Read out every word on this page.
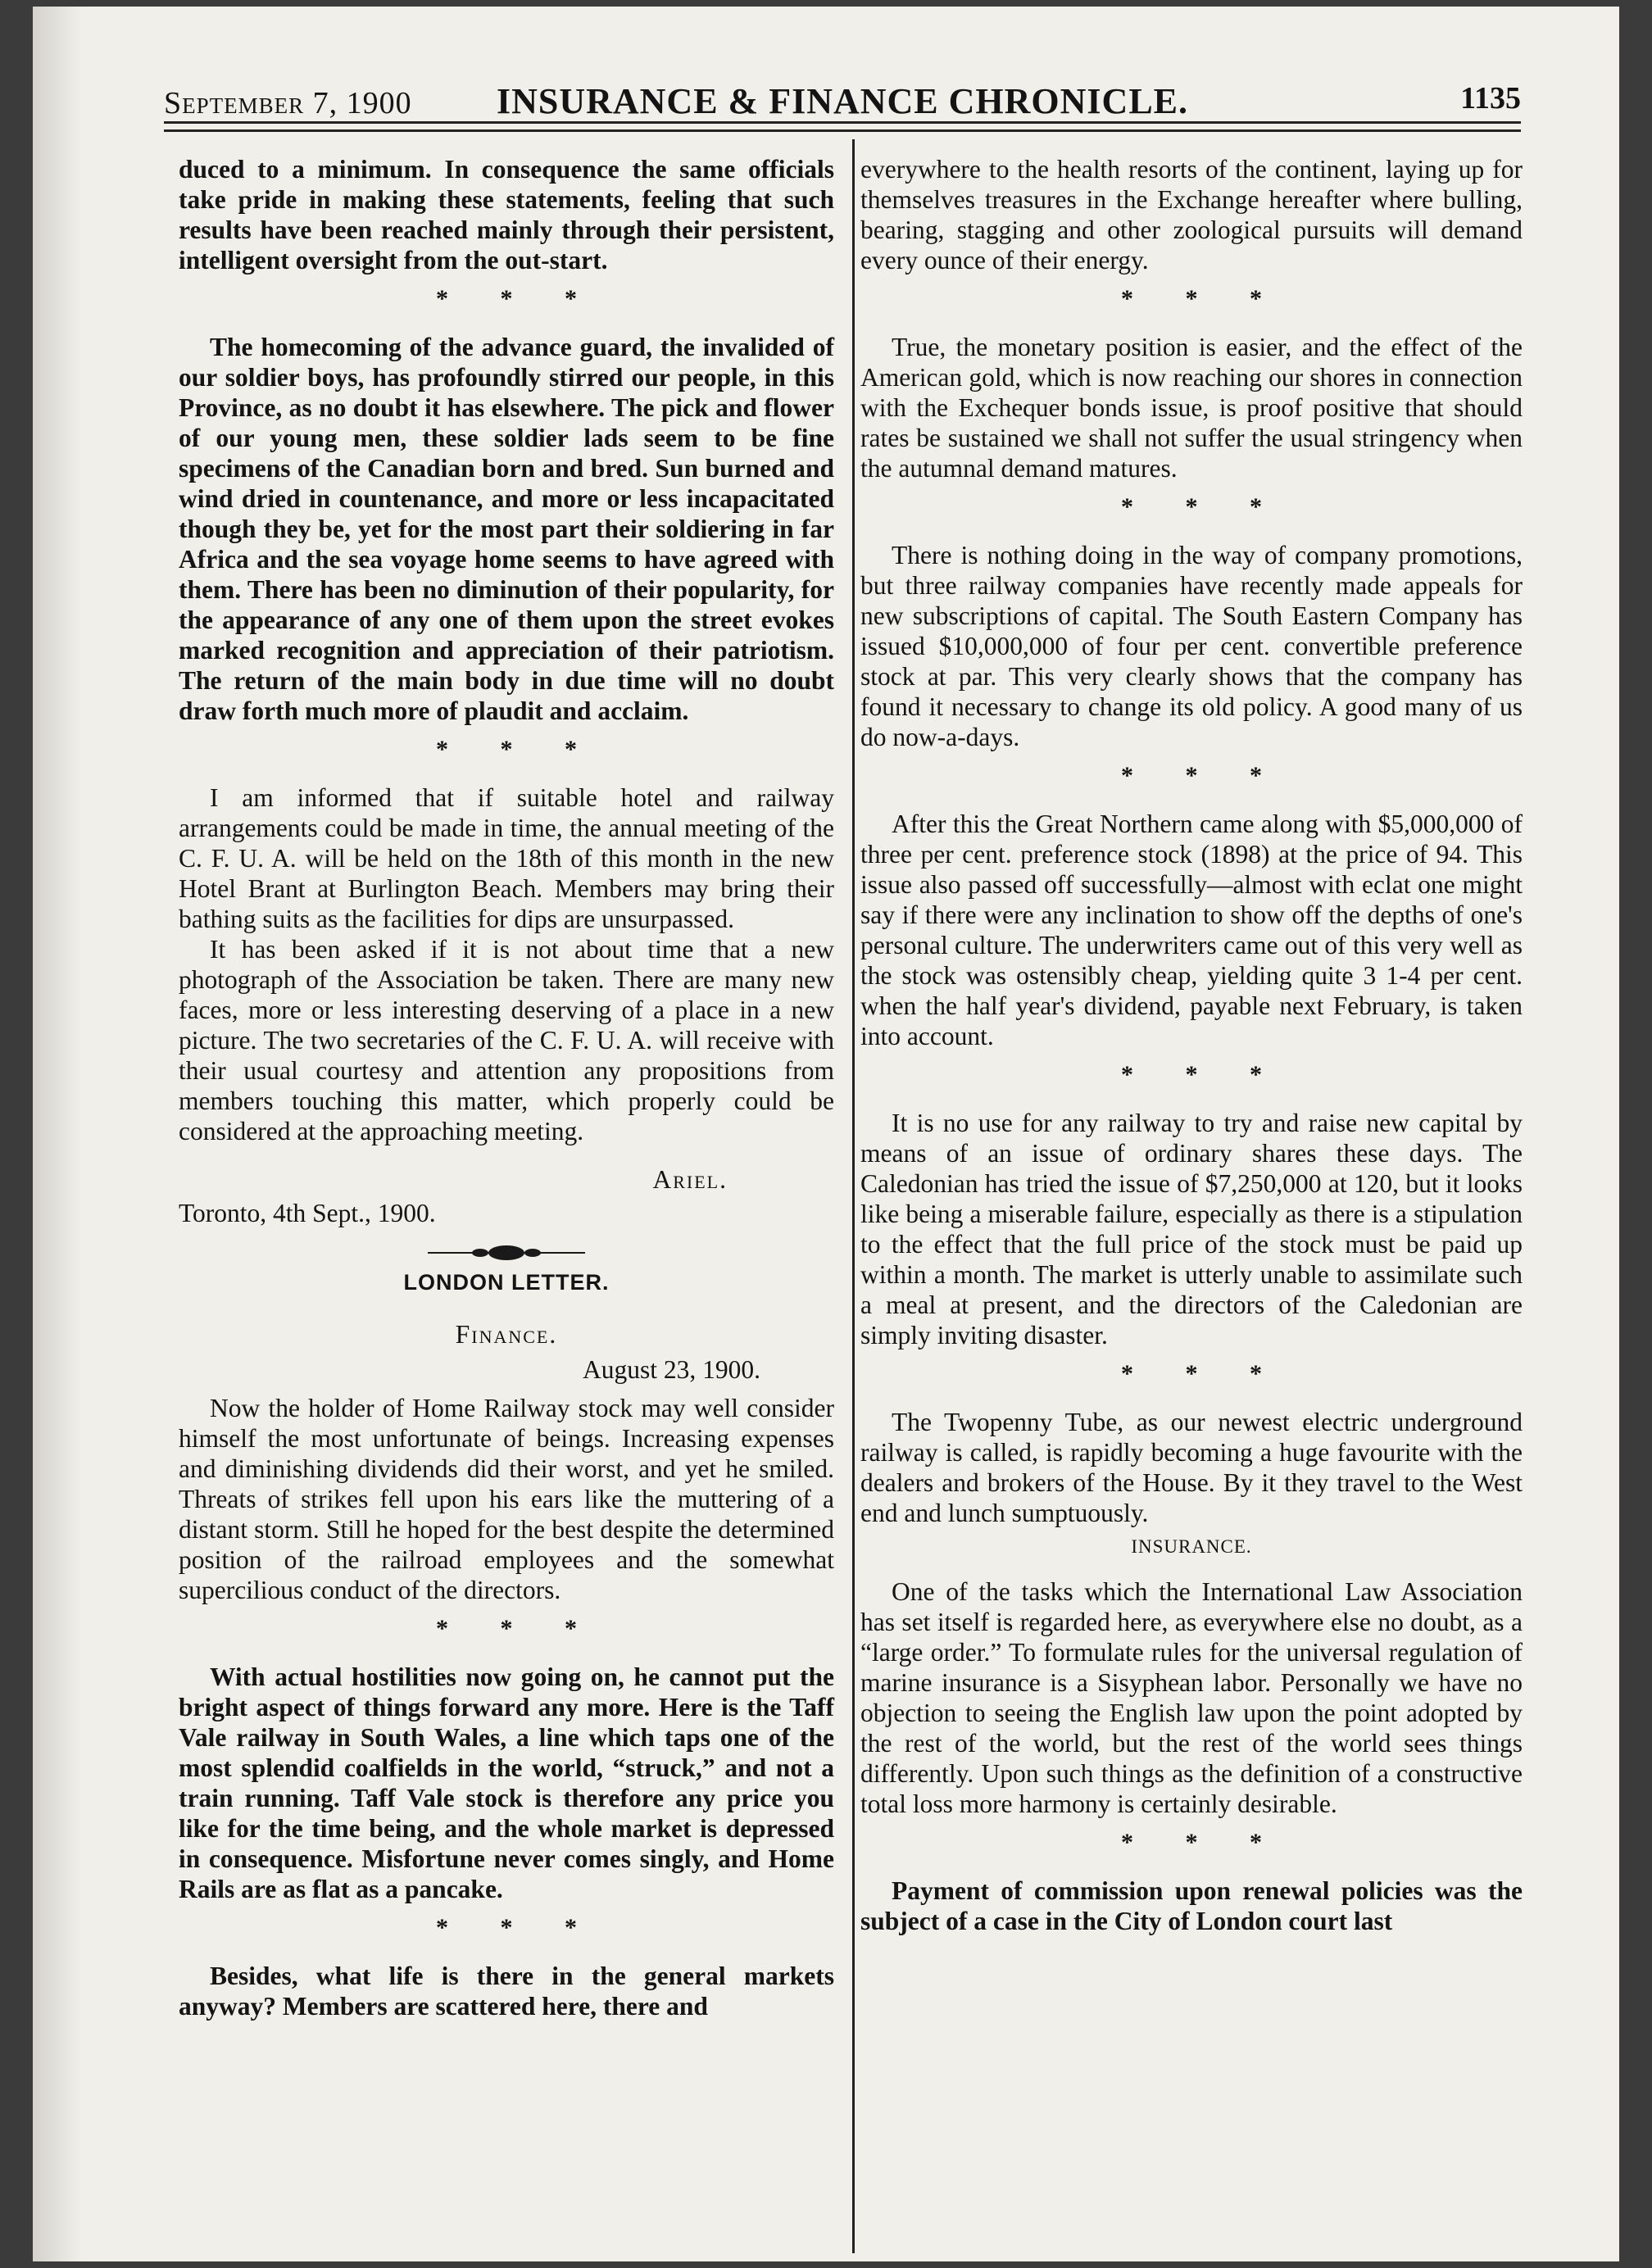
September 7, 1900	INSURANCE & FINANCE CHRONICLE.	1135

duced to a minimum. In consequence the same officials take pride in making these statements, feeling that such results have been reached mainly through their persistent, intelligent oversight from the out-start.

* * *

The homecoming of the advance guard, the invalided of our soldier boys, has profoundly stirred our people, in this Province, as no doubt it has elsewhere. The pick and flower of our young men, these soldier lads seem to be fine specimens of the Canadian born and bred. Sun burned and wind dried in countenance, and more or less incapacitated though they be, yet for the most part their soldiering in far Africa and the sea voyage home seems to have agreed with them. There has been no diminution of their popularity, for the appearance of any one of them upon the street evokes marked recognition and appreciation of their patriotism. The return of the main body in due time will no doubt draw forth much more of plaudit and acclaim.

* * *

I am informed that if suitable hotel and railway arrangements could be made in time, the annual meeting of the C. F. U. A. will be held on the 18th of this month in the new Hotel Brant at Burlington Beach. Members may bring their bathing suits as the facilities for dips are unsurpassed.

It has been asked if it is not about time that a new photograph of the Association be taken. There are many new faces, more or less interesting deserving of a place in a new picture. The two secretaries of the C. F. U. A. will receive with their usual courtesy and attention any propositions from members touching this matter, which properly could be considered at the approaching meeting.

Ariel.
Toronto, 4th Sept., 1900.
LONDON LETTER.
Finance.
August 23, 1900.

Now the holder of Home Railway stock may well consider himself the most unfortunate of beings. Increasing expenses and diminishing dividends did their worst, and yet he smiled. Threats of strikes fell upon his ears like the muttering of a distant storm. Still he hoped for the best despite the determined position of the railroad employees and the somewhat supercilious conduct of the directors.

* * *

With actual hostilities now going on, he cannot put the bright aspect of things forward any more. Here is the Taff Vale railway in South Wales, a line which taps one of the most splendid coalfields in the world, “struck,” and not a train running. Taff Vale stock is therefore any price you like for the time being, and the whole market is depressed in consequence. Misfortune never comes singly, and Home Rails are as flat as a pancake.

* * *

Besides, what life is there in the general markets anyway? Members are scattered here, there and

everywhere to the health resorts of the continent, laying up for themselves treasures in the Exchange hereafter where bulling, bearing, stagging and other zoological pursuits will demand every ounce of their energy.

* * *

True, the monetary position is easier, and the effect of the American gold, which is now reaching our shores in connection with the Exchequer bonds issue, is proof positive that should rates be sustained we shall not suffer the usual stringency when the autumnal demand matures.

* * *

There is nothing doing in the way of company promotions, but three railway companies have recently made appeals for new subscriptions of capital. The South Eastern Company has issued $10,000,000 of four per cent. convertible preference stock at par. This very clearly shows that the company has found it necessary to change its old policy. A good many of us do now-a-days.

* * *

After this the Great Northern came along with $5,000,000 of three per cent. preference stock (1898) at the price of 94. This issue also passed off successfully—almost with eclat one might say if there were any inclination to show off the depths of one's personal culture. The underwriters came out of this very well as the stock was ostensibly cheap, yielding quite 3 1-4 per cent. when the half year's dividend, payable next February, is taken into account.

* * *

It is no use for any railway to try and raise new capital by means of an issue of ordinary shares these days. The Caledonian has tried the issue of $7,250,000 at 120, but it looks like being a miserable failure, especially as there is a stipulation to the effect that the full price of the stock must be paid up within a month. The market is utterly unable to assimilate such a meal at present, and the directors of the Caledonian are simply inviting disaster.

* * *

The Twopenny Tube, as our newest electric underground railway is called, is rapidly becoming a huge favourite with the dealers and brokers of the House. By it they travel to the West end and lunch sumptuously.

INSURANCE.

One of the tasks which the International Law Association has set itself is regarded here, as everywhere else no doubt, as a “large order.” To formulate rules for the universal regulation of marine insurance is a Sisyphean labor. Personally we have no objection to seeing the English law upon the point adopted by the rest of the world, but the rest of the world sees things differently. Upon such things as the definition of a constructive total loss more harmony is certainly desirable.

* * *

Payment of commission upon renewal policies was the subject of a case in the City of London court last
